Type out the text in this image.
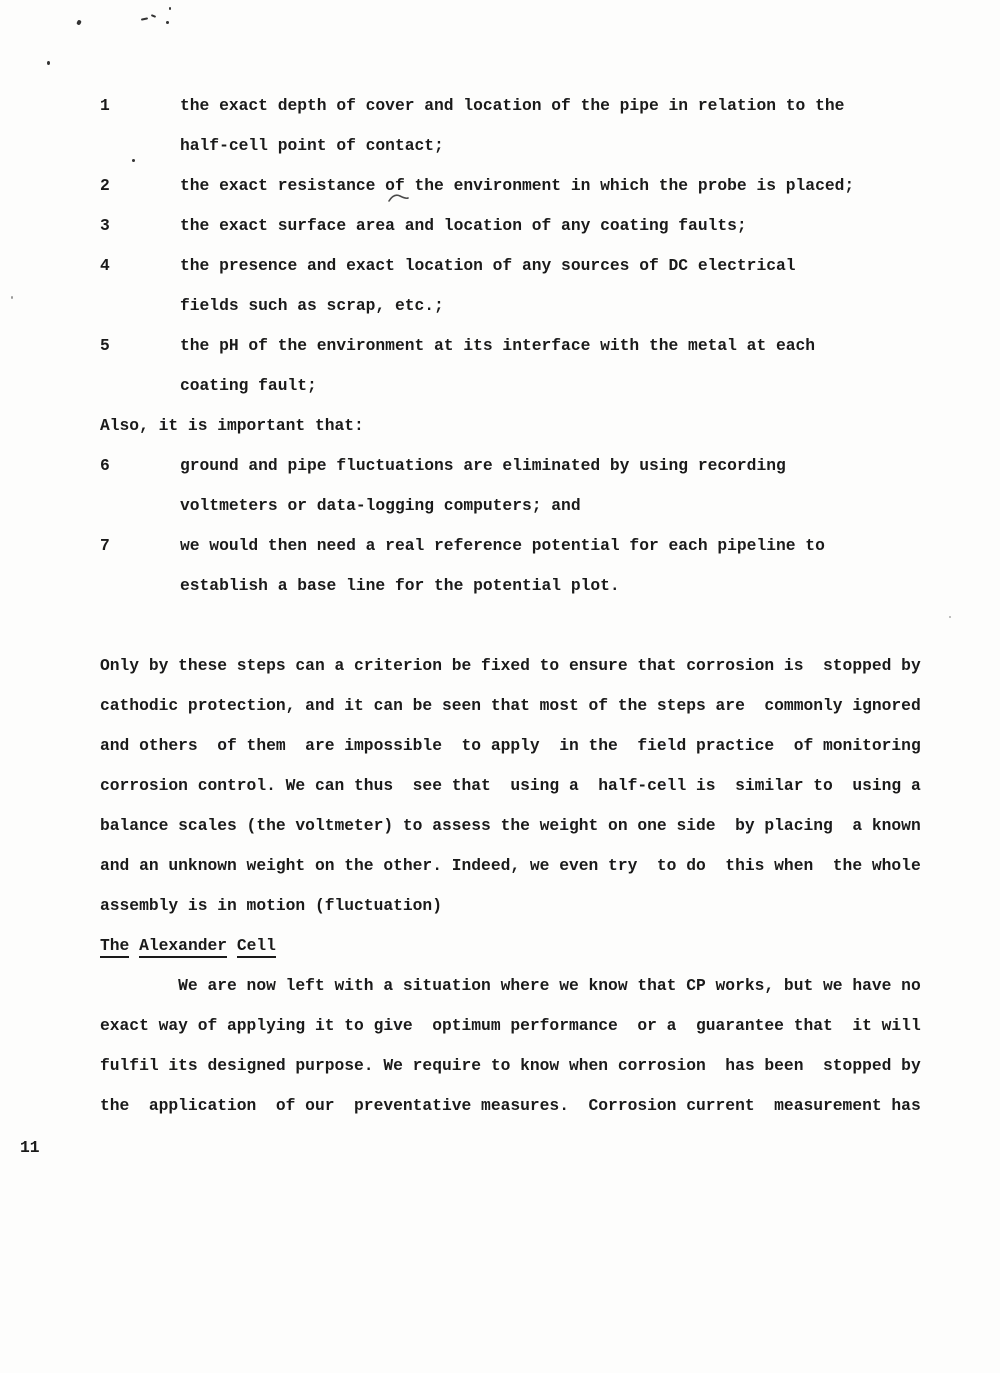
1	the exact depth of cover and location of the pipe in relation to the
half-cell point of contact;
2	the exact resistance of the environment in which the probe is placed;
3	the exact surface area and location of any coating faults;
4	the presence and exact location of any sources of DC electrical
fields such as scrap, etc.;
5	the pH of the environment at its interface with the metal at each
coating fault;
Also, it is important that:
6	ground and pipe fluctuations are eliminated by using recording
voltmeters or data-logging computers; and
7	we would then need a real reference potential for each pipeline to
establish a base line for the potential plot.
Only by these steps can a criterion be fixed to ensure that corrosion is  stopped by
cathodic protection, and it can be seen that most of the steps are  commonly ignored
and others  of them  are impossible  to apply  in the  field practice  of monitoring
corrosion control. We can thus  see that  using a  half-cell is  similar to  using a
balance scales (the voltmeter) to assess the weight on one side  by placing  a known
and an unknown weight on the other. Indeed, we even try  to do  this when  the whole
assembly is in motion (fluctuation)
The Alexander Cell
We are now left with a situation where we know that CP works, but we have no
exact way of applying it to give  optimum performance  or a  guarantee that  it will
fulfil its designed purpose. We require to know when corrosion  has been  stopped by
the  application  of our  preventative measures.  Corrosion current  measurement has
11
